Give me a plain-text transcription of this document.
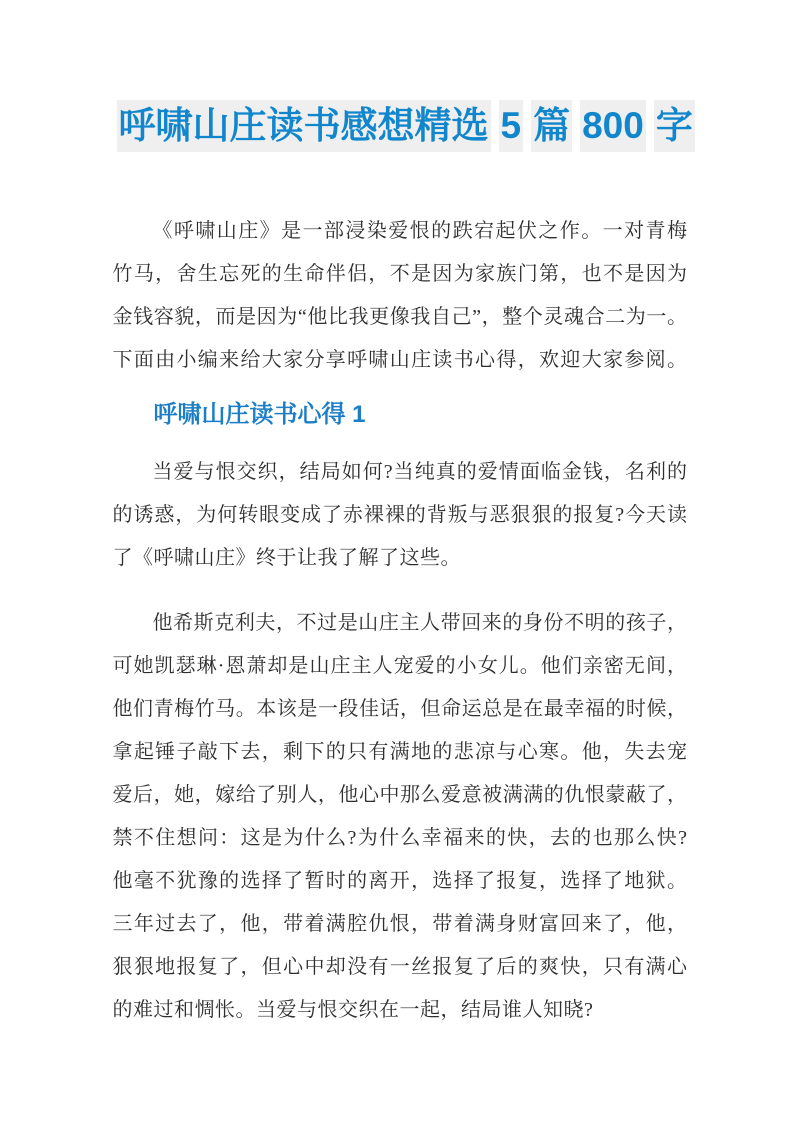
呼啸山庄读书感想精选 5 篇 800 字
《呼啸山庄》是一部浸染爱恨的跌宕起伏之作。一对青梅
竹马，舍生忘死的生命伴侣，不是因为家族门第，也不是因为
金钱容貌，而是因为“他比我更像我自己”，整个灵魂合二为一。
下面由小编来给大家分享呼啸山庄读书心得，欢迎大家参阅。
呼啸山庄读书心得 1
当爱与恨交织，结局如何?当纯真的爱情面临金钱，名利的
的诱惑，为何转眼变成了赤裸裸的背叛与恶狠狠的报复?今天读
了《呼啸山庄》终于让我了解了这些。
他希斯克利夫，不过是山庄主人带回来的身份不明的孩子，
可她凯瑟琳·恩萧却是山庄主人宠爱的小女儿。他们亲密无间，
他们青梅竹马。本该是一段佳话，但命运总是在最幸福的时候，
拿起锤子敲下去，剩下的只有满地的悲凉与心寒。他，失去宠
爱后，她，嫁给了别人，他心中那么爱意被满满的仇恨蒙蔽了，
禁不住想问：这是为什么?为什么幸福来的快，去的也那么快?
他毫不犹豫的选择了暂时的离开，选择了报复，选择了地狱。
三年过去了，他，带着满腔仇恨，带着满身财富回来了，他，
狠狠地报复了，但心中却没有一丝报复了后的爽快，只有满心
的难过和惆怅。当爱与恨交织在一起，结局谁人知晓?
